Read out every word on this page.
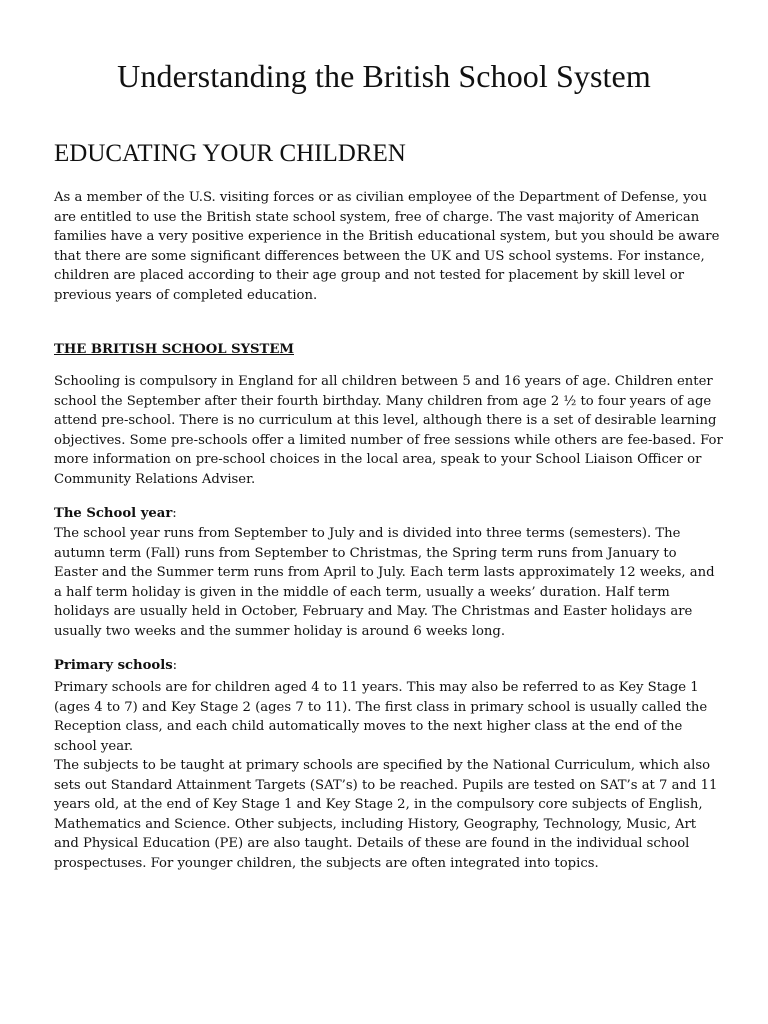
Understanding the British School System
EDUCATING YOUR CHILDREN

As a member of the U.S. visiting forces or as civilian employee of the Department of Defense, you are entitled to use the British state school system, free of charge. The vast majority of American families have a very positive experience in the British educational system, but you should be aware that there are some significant differences between the UK and US school systems. For instance, children are placed according to their age group and not tested for placement by skill level or previous years of completed education.

THE BRITISH SCHOOL SYSTEM

Schooling is compulsory in England for all children between 5 and 16 years of age. Children enter school the September after their fourth birthday. Many children from age 2 ½ to four years of age attend pre-school. There is no curriculum at this level, although there is a set of desirable learning objectives. Some pre-schools offer a limited number of free sessions while others are fee-based. For more information on pre-school choices in the local area, speak to your School Liaison Officer or Community Relations Adviser.

The School year:

The school year runs from September to July and is divided into three terms (semesters). The autumn term (Fall) runs from September to Christmas, the Spring term runs from January to Easter and the Summer term runs from April to July. Each term lasts approximately 12 weeks, and a half term holiday is given in the middle of each term, usually a weeks’ duration. Half term holidays are usually held in October, February and May. The Christmas and Easter holidays are usually two weeks and the summer holiday is around 6 weeks long.

Primary schools:

Primary schools are for children aged 4 to 11 years. This may also be referred to as Key Stage 1 (ages 4 to 7) and Key Stage 2 (ages 7 to 11). The first class in primary school is usually called the Reception class, and each child automatically moves to the next higher class at the end of the school year.

The subjects to be taught at primary schools are specified by the National Curriculum, which also sets out Standard Attainment Targets (SAT’s) to be reached. Pupils are tested on SAT’s at 7 and 11 years old, at the end of Key Stage 1 and Key Stage 2, in the compulsory core subjects of English, Mathematics and Science. Other subjects, including History, Geography, Technology, Music, Art and Physical Education (PE) are also taught. Details of these are found in the individual school prospectuses. For younger children, the subjects are often integrated into topics.
